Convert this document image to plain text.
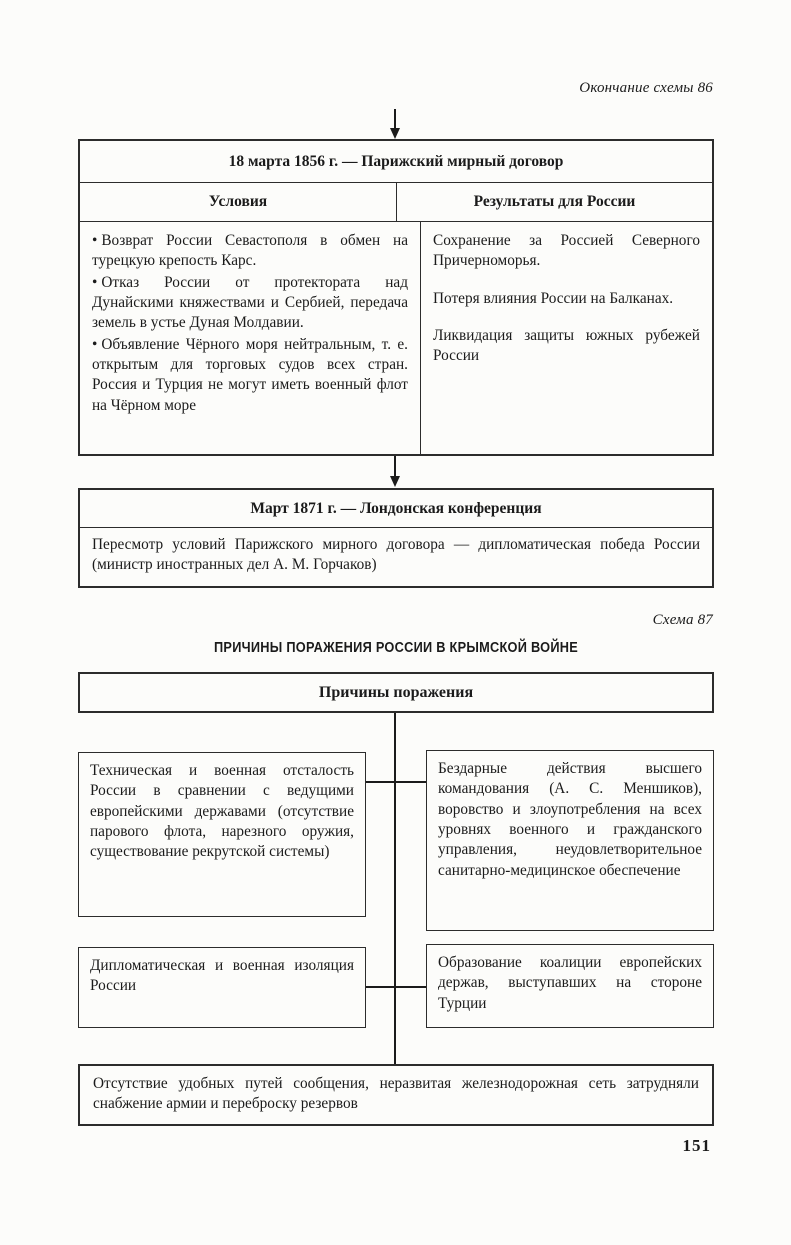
Окончание схемы 86
18 марта 1856 г. — Парижский мирный договор
Условия	Результаты для России

• Возврат России Севастополя в обмен на турецкую крепость Карс.

• Отказ России от протектората над Дунайскими княжествами и Сербией, передача земель в устье Дуная Молдавии.

• Объявление Чёрного моря нейтральным, т. е. открытым для торговых судов всех стран. Россия и Турция не могут иметь военный флот на Чёрном море

Сохранение за Россией Северного Причерноморья.

Потеря влияния России на Балканах.

Ликвидация защиты южных рубежей России

Март 1871 г. — Лондонская конференция
Пересмотр условий Парижского мирного договора — дипломатическая победа России (министр иностранных дел А. М. Горчаков)
Схема 87
ПРИЧИНЫ ПОРАЖЕНИЯ РОССИИ В КРЫМСКОЙ ВОЙНЕ
Причины поражения
Техническая и военная отсталость России в сравнении с ведущими европейскими державами (отсутствие парового флота, нарезного оружия, существование рекрутской системы)
Бездарные действия высшего командования (А. С. Меншиков), воровство и злоупотребления на всех уровнях военного и гражданского управления, неудовлетворительное санитарно-медицинское обеспечение
Дипломатическая и военная изоляция России
Образование коалиции европейских держав, выступавших на стороне Турции
Отсутствие удобных путей сообщения, неразвитая железнодорожная сеть затрудняли снабжение армии и переброску резервов
151
